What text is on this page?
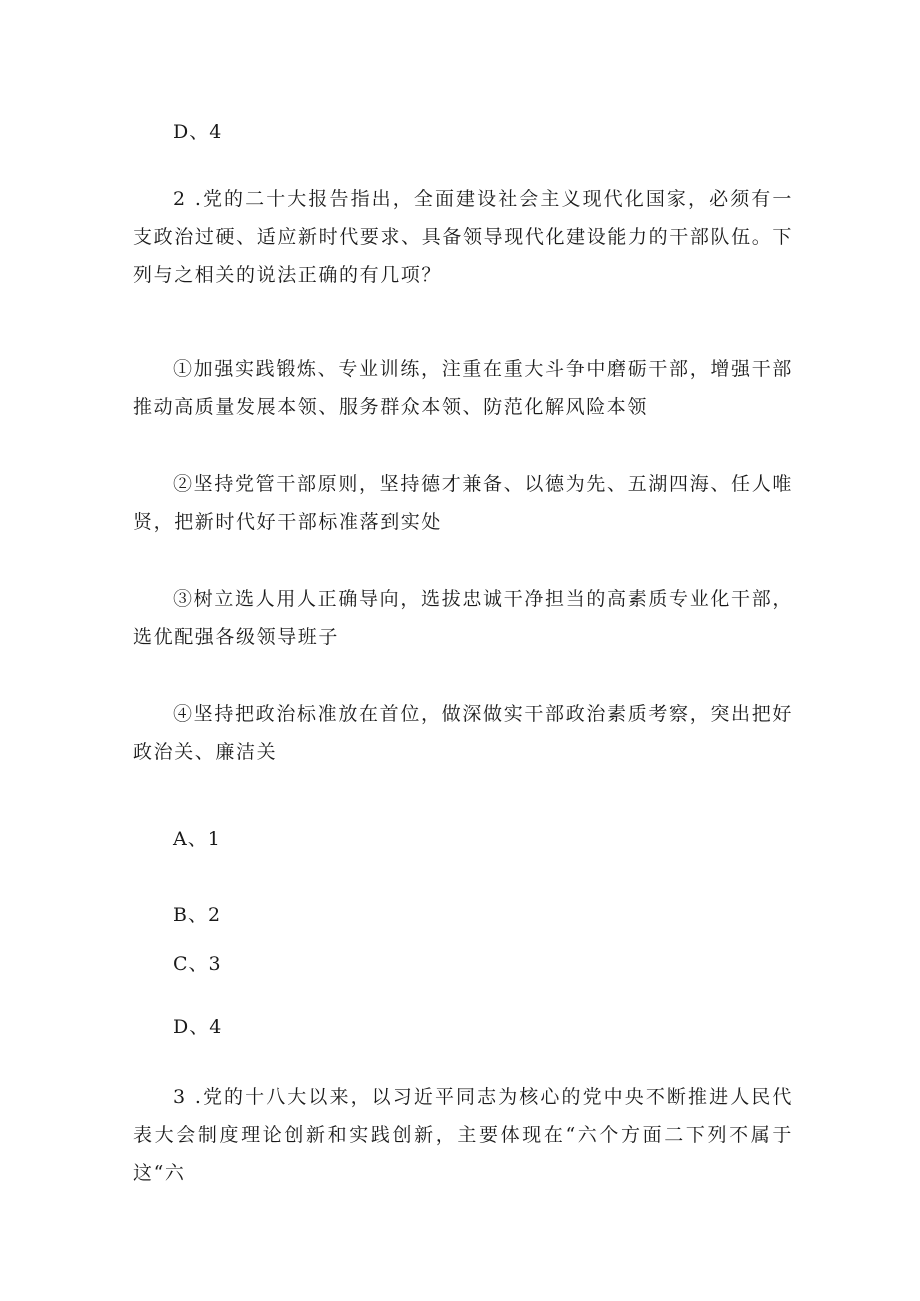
D、4

2 .党的二十大报告指出，全面建设社会主义现代化国家，必须有一支政治过硬、适应新时代要求、具备领导现代化建设能力的干部队伍。下列与之相关的说法正确的有几项？

①加强实践锻炼、专业训练，注重在重大斗争中磨砺干部，增强干部推动高质量发展本领、服务群众本领、防范化解风险本领

②坚持党管干部原则，坚持德才兼备、以德为先、五湖四海、任人唯贤，把新时代好干部标准落到实处

③树立选人用人正确导向，选拔忠诚干净担当的高素质专业化干部，选优配强各级领导班子

④坚持把政治标准放在首位，做深做实干部政治素质考察，突出把好政治关、廉洁关

A、1

B、2

C、3

D、4

3 .党的十八大以来，以习近平同志为核心的党中央不断推进人民代表大会制度理论创新和实践创新，主要体现在“六个方面二下列不属于这“六
